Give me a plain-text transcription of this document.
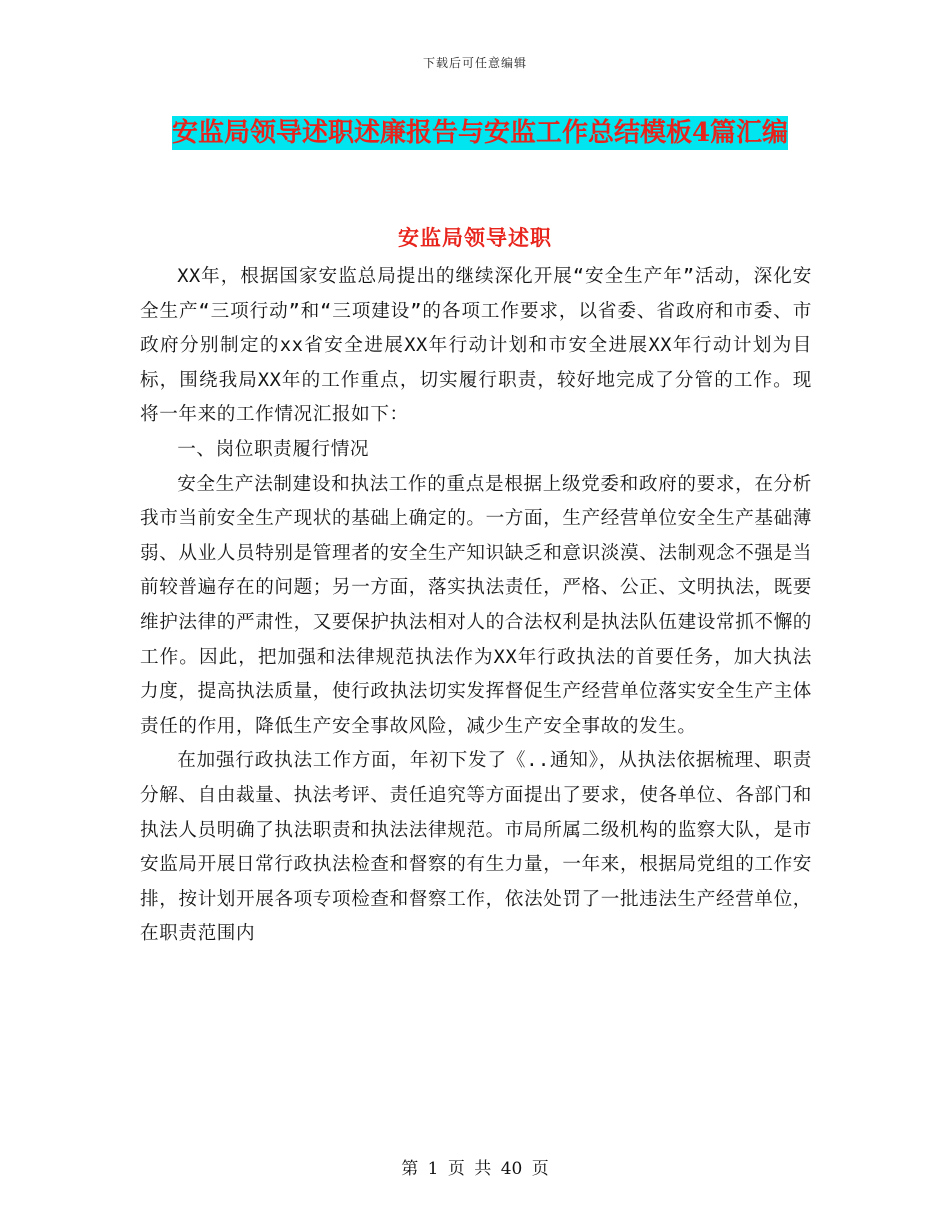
下载后可任意编辑
安监局领导述职述廉报告与安监工作总结模板4篇汇编
安监局领导述职

XX年，根据国家安监总局提出的继续深化开展“安全生产年”活动，深化安全生产“三项行动”和“三项建设”的各项工作要求，以省委、省政府和市委、市政府分别制定的xx省安全进展XX年行动计划和市安全进展XX年行动计划为目标，围绕我局XX年的工作重点，切实履行职责，较好地完成了分管的工作。现将一年来的工作情况汇报如下：

一、岗位职责履行情况

安全生产法制建设和执法工作的重点是根据上级党委和政府的要求，在分析我市当前安全生产现状的基础上确定的。一方面，生产经营单位安全生产基础薄弱、从业人员特别是管理者的安全生产知识缺乏和意识淡漠、法制观念不强是当前较普遍存在的问题；另一方面，落实执法责任，严格、公正、文明执法，既要维护法律的严肃性，又要保护执法相对人的合法权利是执法队伍建设常抓不懈的工作。因此，把加强和法律规范执法作为XX年行政执法的首要任务，加大执法力度，提高执法质量，使行政执法切实发挥督促生产经营单位落实安全生产主体责任的作用，降低生产安全事故风险，减少生产安全事故的发生。

在加强行政执法工作方面，年初下发了《..通知》，从执法依据梳理、职责分解、自由裁量、执法考评、责任追究等方面提出了要求，使各单位、各部门和执法人员明确了执法职责和执法法律规范。市局所属二级机构的监察大队，是市安监局开展日常行政执法检查和督察的有生力量，一年来，根据局党组的工作安排，按计划开展各项专项检查和督察工作，依法处罚了一批违法生产经营单位，在职责范围内

第 1 页 共 40 页
